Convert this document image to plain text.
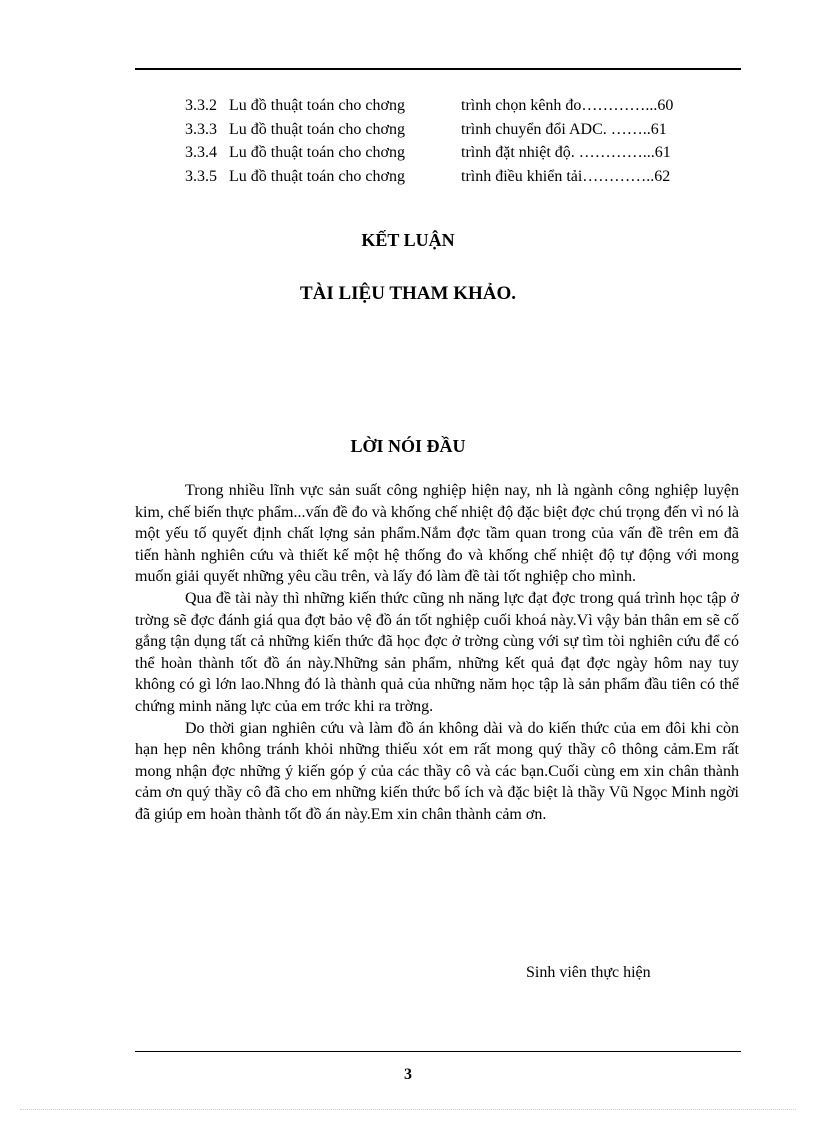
3.3.2 Lu đồ thuật toán cho chơng	trình chọn kênh đo…………...60
3.3.3 Lu đồ thuật toán cho chơng	trình chuyển đổi ADC. ……..61
3.3.4 Lu đồ thuật toán cho chơng	trình đặt nhiệt độ. …………...61
3.3.5 Lu đồ thuật toán cho chơng	trình điều khiển tải…………..62
KẾT LUẬN
TÀI LIỆU THAM KHẢO.
LỜI NÓI ĐẦU

Trong nhiều lĩnh vực sản suất công nghiệp hiện nay, nh là ngành công nghiệp luyện kim, chế biến thực phẩm...vấn đề đo và khống chế nhiệt độ đặc biệt đợc chú trọng đến vì nó là một yếu tố quyết định chất lợng sản phẩm.Nắm đợc tầm quan trong của vấn đề trên em đã tiến hành nghiên cứu và thiết kế một hệ thống đo và khống chế nhiệt độ tự động với mong muốn giải quyết những yêu cầu trên, và lấy đó làm đề tài tốt nghiệp cho mình.

Qua đề tài này thì những kiến thức cũng nh năng lực đạt đợc trong quá trình học tập ở trờng sẽ đợc đánh giá qua đợt bảo vệ đồ án tốt nghiệp cuối khoá này.Vì vậy bản thân em sẽ cố gắng tận dụng tất cả những kiến thức đã học đợc ở trờng cùng với sự tìm tòi nghiên cứu để có thể hoàn thành tốt đồ án này.Những sản phẩm, những kết quả đạt đợc ngày hôm nay tuy không có gì lớn lao.Nhng đó là thành quả của những năm học tập là sản phẩm đầu tiên có thể chứng minh năng lực của em trớc khi ra trờng.

Do thời gian nghiên cứu và làm đồ án không dài và do kiến thức của em đôi khi còn hạn hẹp nên không tránh khỏi những thiếu xót em rất mong quý thầy cô thông cảm.Em rất mong nhận đợc những ý kiến góp ý của các thầy cô và các bạn.Cuối cùng em xin chân thành cảm ơn quý thầy cô đã cho em những kiến thức bổ ích và đặc biệt là thầy Vũ Ngọc Minh ngời đã giúp em hoàn thành tốt đồ án này.Em xin chân thành cảm ơn.

Sinh viên thực hiện
3
